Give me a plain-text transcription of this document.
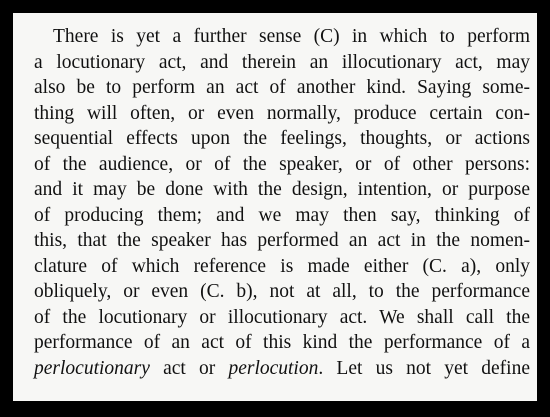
There is yet a further sense (C) in which to perform
a locutionary act, and therein an illocutionary act, may
also be to perform an act of another kind. Saying some-
thing will often, or even normally, produce certain con-
sequential effects upon the feelings, thoughts, or actions
of the audience, or of the speaker, or of other persons:
and it may be done with the design, intention, or purpose
of producing them; and we may then say, thinking of
this, that the speaker has performed an act in the nomen-
clature of which reference is made either (C. a), only
obliquely, or even (C. b), not at all, to the performance
of the locutionary or illocutionary act. We shall call the
performance of an act of this kind the performance of a
perlocutionary act or perlocution. Let us not yet define
